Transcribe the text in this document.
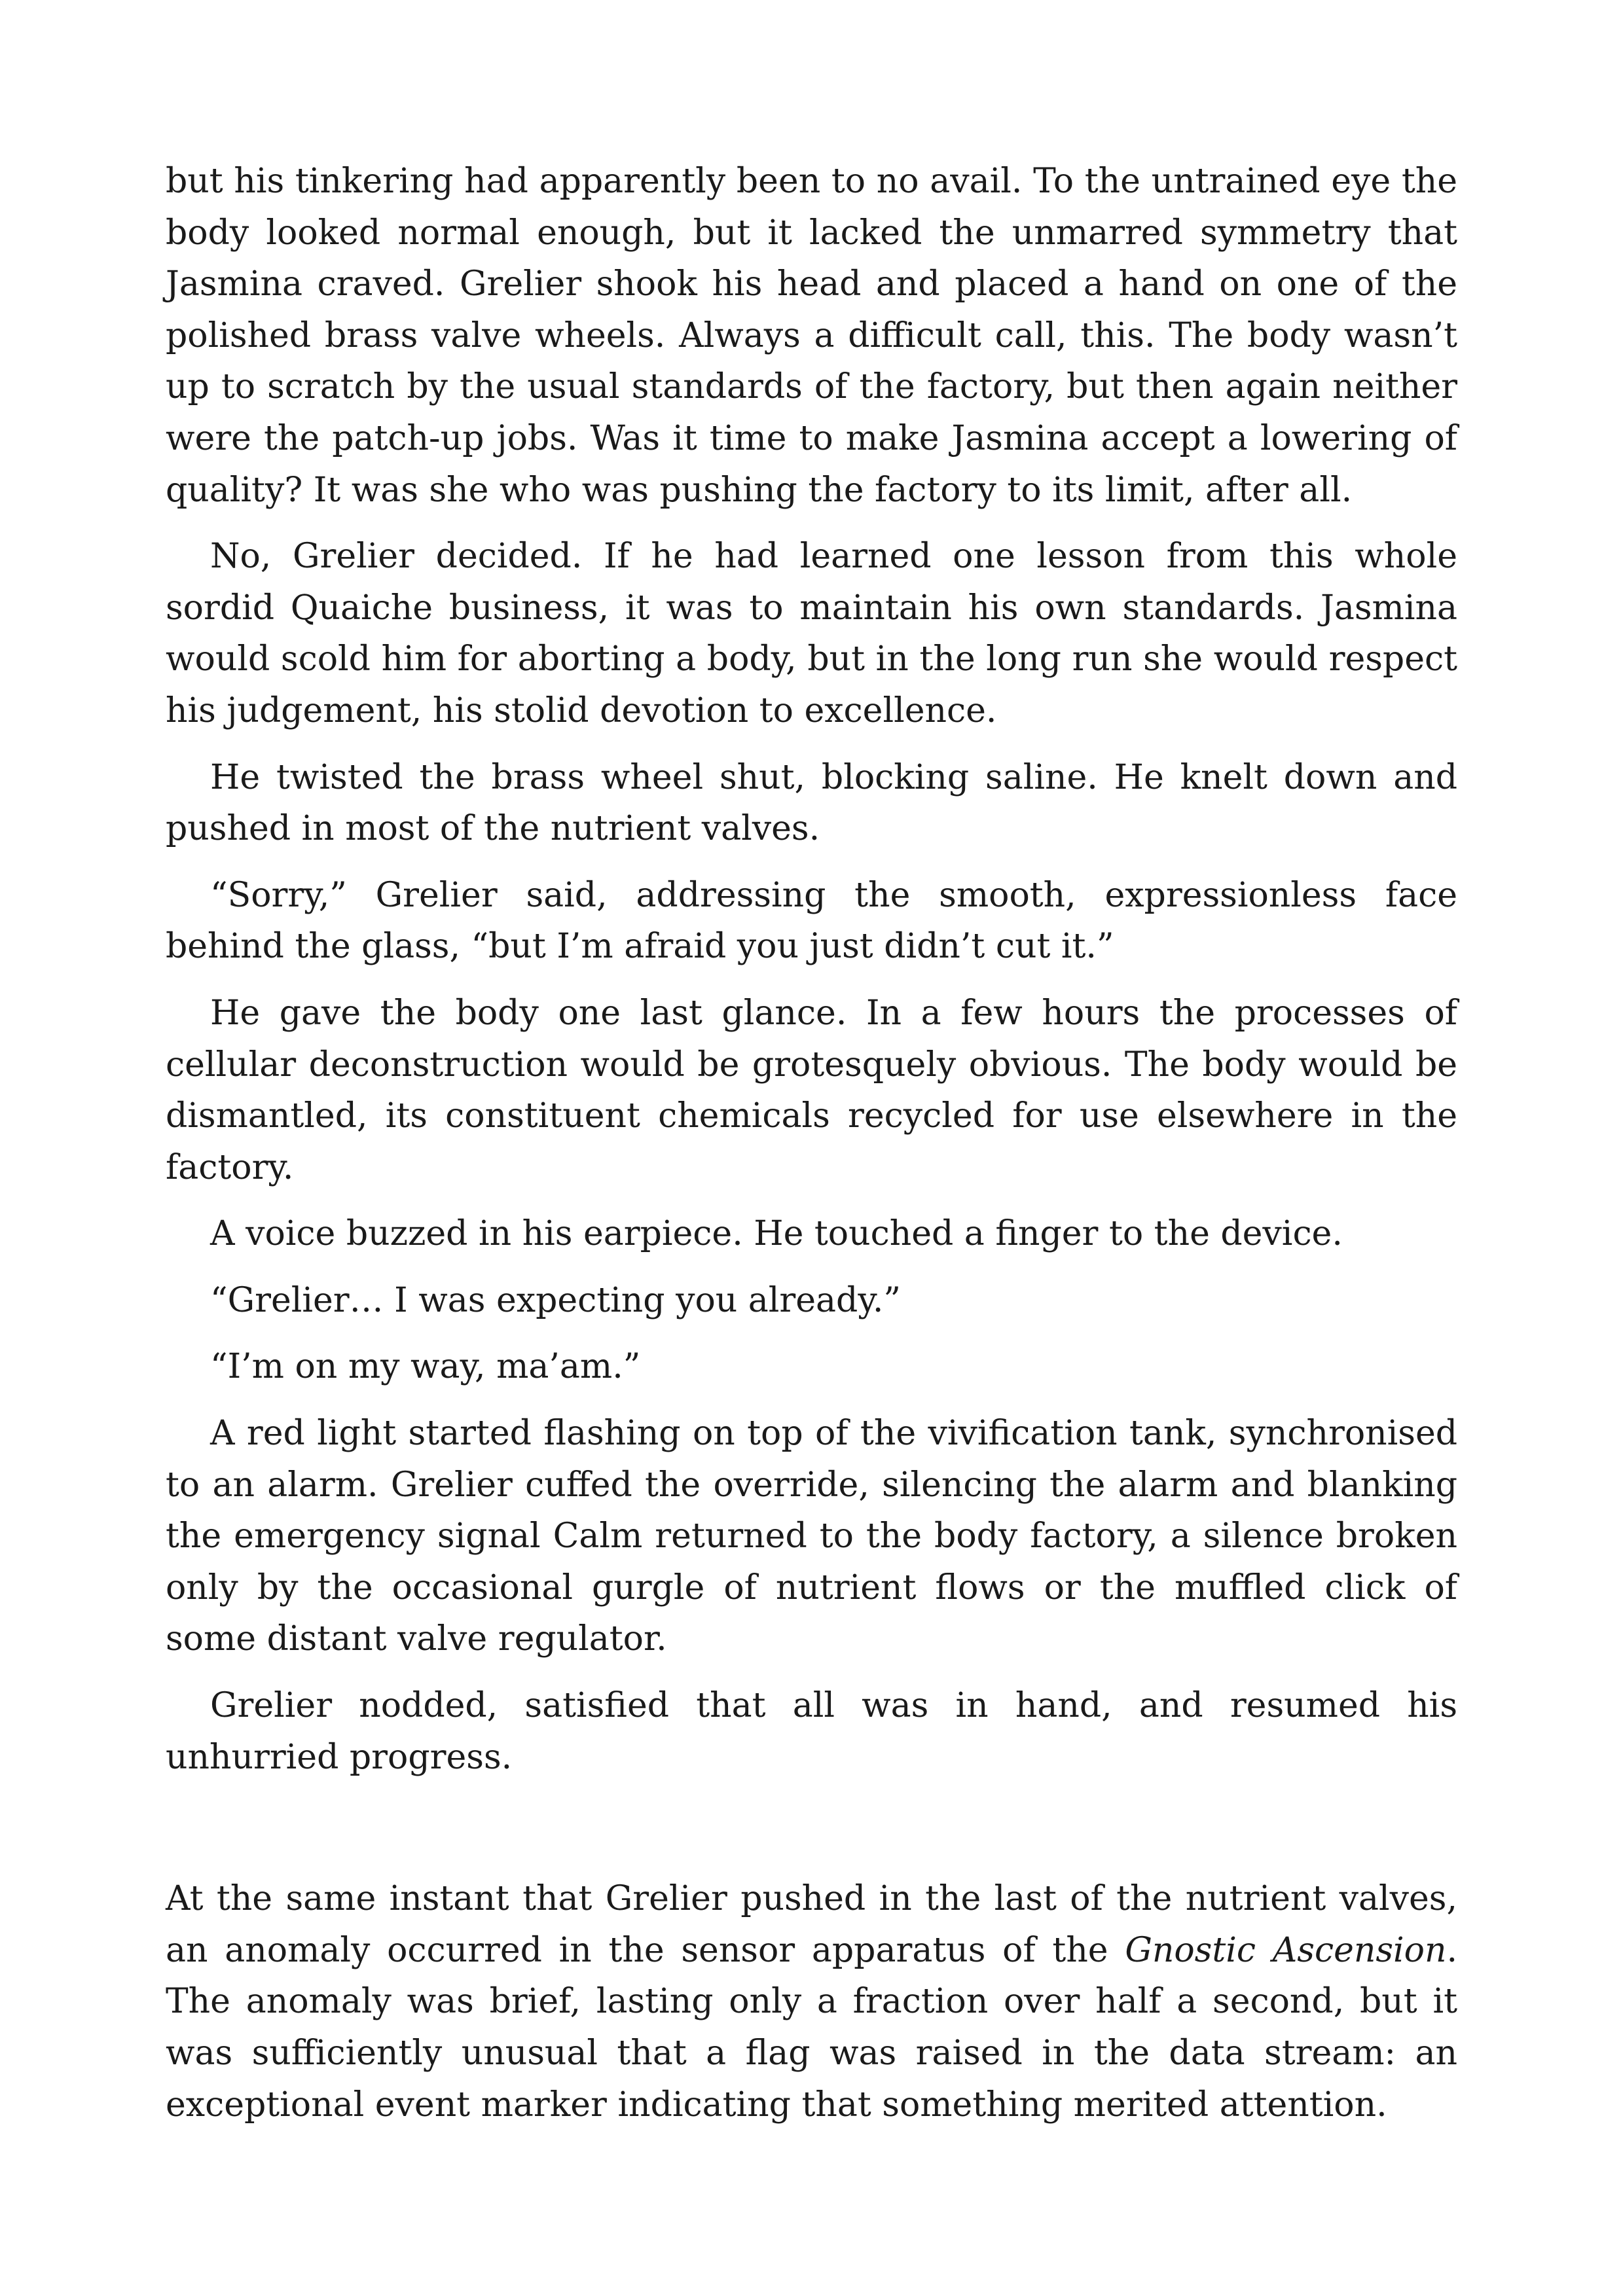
but his tinkering had apparently been to no avail. To the untrained eye the body looked normal enough, but it lacked the unmarred symmetry that Jasmina craved. Grelier shook his head and placed a hand on one of the polished brass valve wheels. Always a difficult call, this. The body wasn’t up to scratch by the usual standards of the factory, but then again neither were the patch-up jobs. Was it time to make Jasmina accept a lowering of quality? It was she who was pushing the factory to its limit, after all.

No, Grelier decided. If he had learned one lesson from this whole sordid Quaiche business, it was to maintain his own standards. Jasmina would scold him for aborting a body, but in the long run she would respect his judgement, his stolid devotion to excellence.

He twisted the brass wheel shut, blocking saline. He knelt down and pushed in most of the nutrient valves.

“Sorry,” Grelier said, addressing the smooth, expressionless face behind the glass, “but I’m afraid you just didn’t cut it.”

He gave the body one last glance. In a few hours the processes of cellular deconstruction would be grotesquely obvious. The body would be dismantled, its constituent chemicals recycled for use elsewhere in the factory.

A voice buzzed in his earpiece. He touched a finger to the device.

“Grelier… I was expecting you already.”

“I’m on my way, ma’am.”

A red light started flashing on top of the vivification tank, synchronised to an alarm. Grelier cuffed the override, silencing the alarm and blanking the emergency signal Calm returned to the body factory, a silence broken only by the occasional gurgle of nutrient flows or the muffled click of some distant valve regulator.

Grelier nodded, satisfied that all was in hand, and resumed his unhurried progress.

At the same instant that Grelier pushed in the last of the nutrient valves, an anomaly occurred in the sensor apparatus of the Gnostic Ascension. The anomaly was brief, lasting only a fraction over half a second, but it was sufficiently unusual that a flag was raised in the data stream: an exceptional event marker indicating that something merited attention.
